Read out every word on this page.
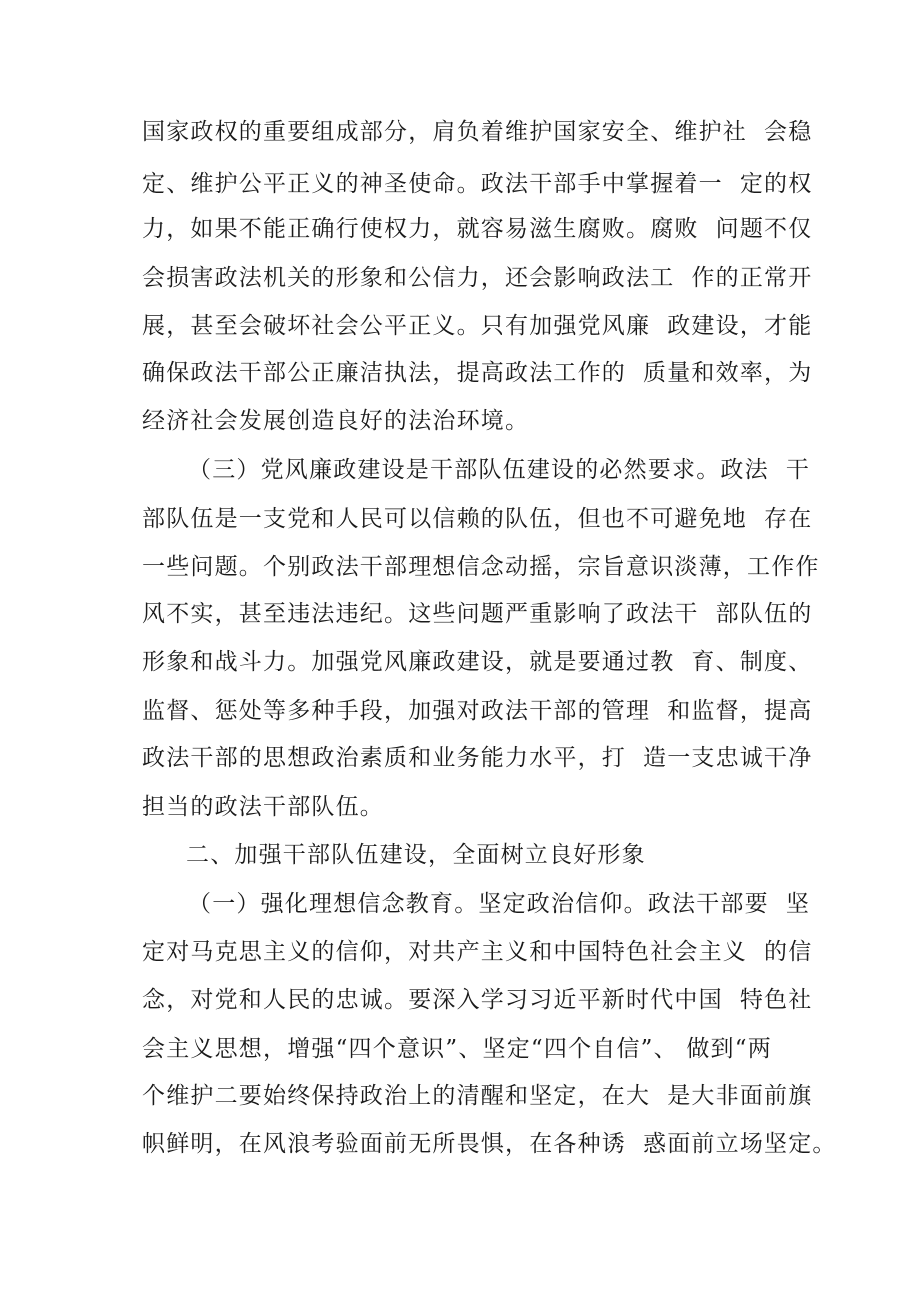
国家政权的重要组成部分，肩负着维护国家安全、维护社  会稳
定、维护公平正义的神圣使命。政法干部手中掌握着一  定的权
力，如果不能正确行使权力，就容易滋生腐败。腐败  问题不仅
会损害政法机关的形象和公信力，还会影响政法工  作的正常开
展，甚至会破坏社会公平正义。只有加强党风廉  政建设，才能
确保政法干部公正廉洁执法，提高政法工作的  质量和效率，为
经济社会发展创造良好的法治环境。
（三）党风廉政建设是干部队伍建设的必然要求。政法  干
部队伍是一支党和人民可以信赖的队伍，但也不可避免地  存在
一些问题。个别政法干部理想信念动摇，宗旨意识淡薄，工作作
风不实，甚至违法违纪。这些问题严重影响了政法干  部队伍的
形象和战斗力。加强党风廉政建设，就是要通过教  育、制度、
监督、惩处等多种手段，加强对政法干部的管理  和监督，提高
政法干部的思想政治素质和业务能力水平，打  造一支忠诚干净
担当的政法干部队伍。
二、加强干部队伍建设，全面树立良好形象
（一）强化理想信念教育。坚定政治信仰。政法干部要  坚
定对马克思主义的信仰，对共产主义和中国特色社会主义  的信
念，对党和人民的忠诚。要深入学习习近平新时代中国  特色社
会主义思想，增强“四个意识”、坚定“四个自信”、 做到“两
个维护二要始终保持政治上的清醒和坚定，在大  是大非面前旗
帜鲜明，在风浪考验面前无所畏惧，在各种诱  惑面前立场坚定。
